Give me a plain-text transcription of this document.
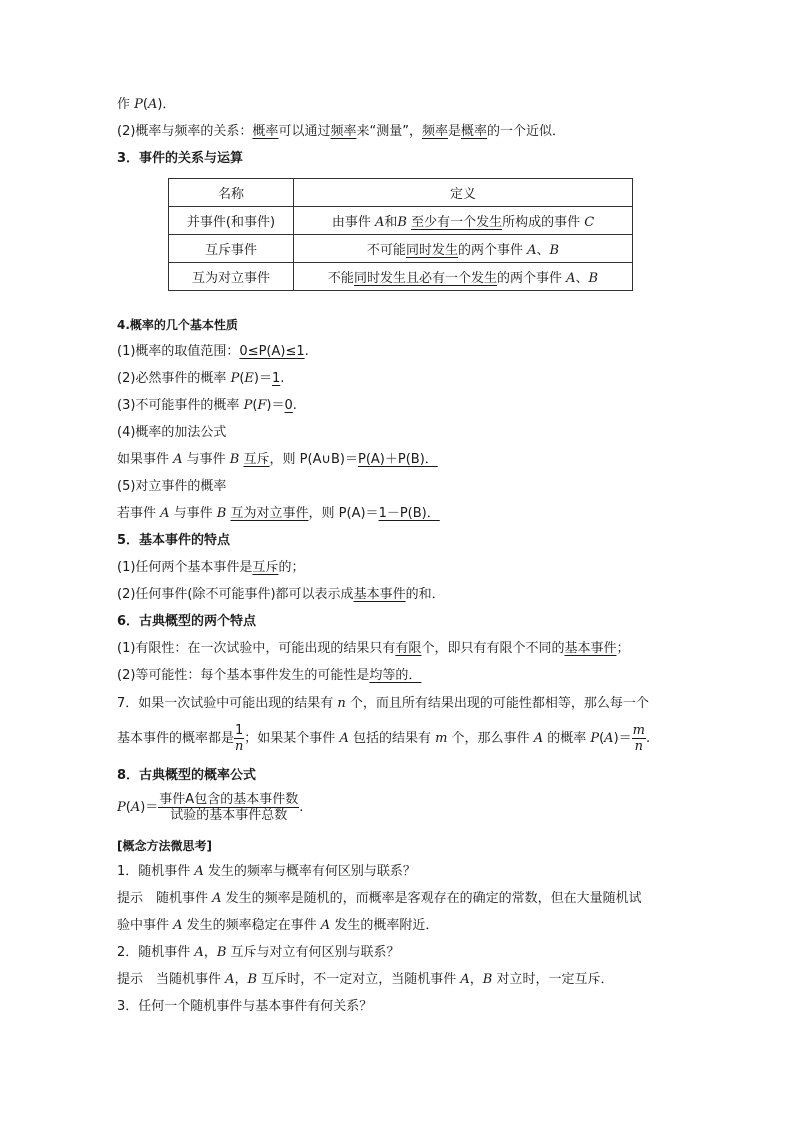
作 P(A)．
(2)概率与频率的关系：概率可以通过频率来“测量”，频率是概率的一个近似．
3．事件的关系与运算
名称	定义
并事件(和事件)	由事件 A和B 至少有一个发生所构成的事件 C
互斥事件	不可能同时发生的两个事件 A、B
互为对立事件	不能同时发生且必有一个发生的两个事件 A、B
4.概率的几个基本性质
(1)概率的取值范围：0≤P(A)≤1.
(2)必然事件的概率 P(E)＝1.
(3)不可能事件的概率 P(F)＝0.
(4)概率的加法公式
如果事件 A 与事件 B 互斥，则 P(A∪B)＝P(A)＋P(B)．
(5)对立事件的概率
若事件 A 与事件 B 互为对立事件，则 P(A)＝1－P(B)．
5．基本事件的特点
(1)任何两个基本事件是互斥的；
(2)任何事件(除不可能事件)都可以表示成基本事件的和．
6．古典概型的两个特点
(1)有限性：在一次试验中，可能出现的结果只有有限个，即只有有限个不同的基本事件；
(2)等可能性：每个基本事件发生的可能性是均等的．
7．如果一次试验中可能出现的结果有 n 个，而且所有结果出现的可能性都相等，那么每一个
基本事件的概率都是 $\frac{1}{n}$ ；如果某个事件 A 包括的结果有 m 个，那么事件 A 的概率 $P(A)= \frac{m}{n}$ .
8．古典概型的概率公式
$P(A)= \frac{\text{事件A包含的基本事件数}}{\text{试验的基本事件总数}}$ .
[概念方法微思考]
1．随机事件 A 发生的频率与概率有何区别与联系？
提示　随机事件 A 发生的频率是随机的，而概率是客观存在的确定的常数，但在大量随机试
验中事件 A 发生的频率稳定在事件 A 发生的概率附近．
2．随机事件 A，B 互斥与对立有何区别与联系？
提示　当随机事件 A，B 互斥时，不一定对立，当随机事件 A，B 对立时，一定互斥．
3．任何一个随机事件与基本事件有何关系？
